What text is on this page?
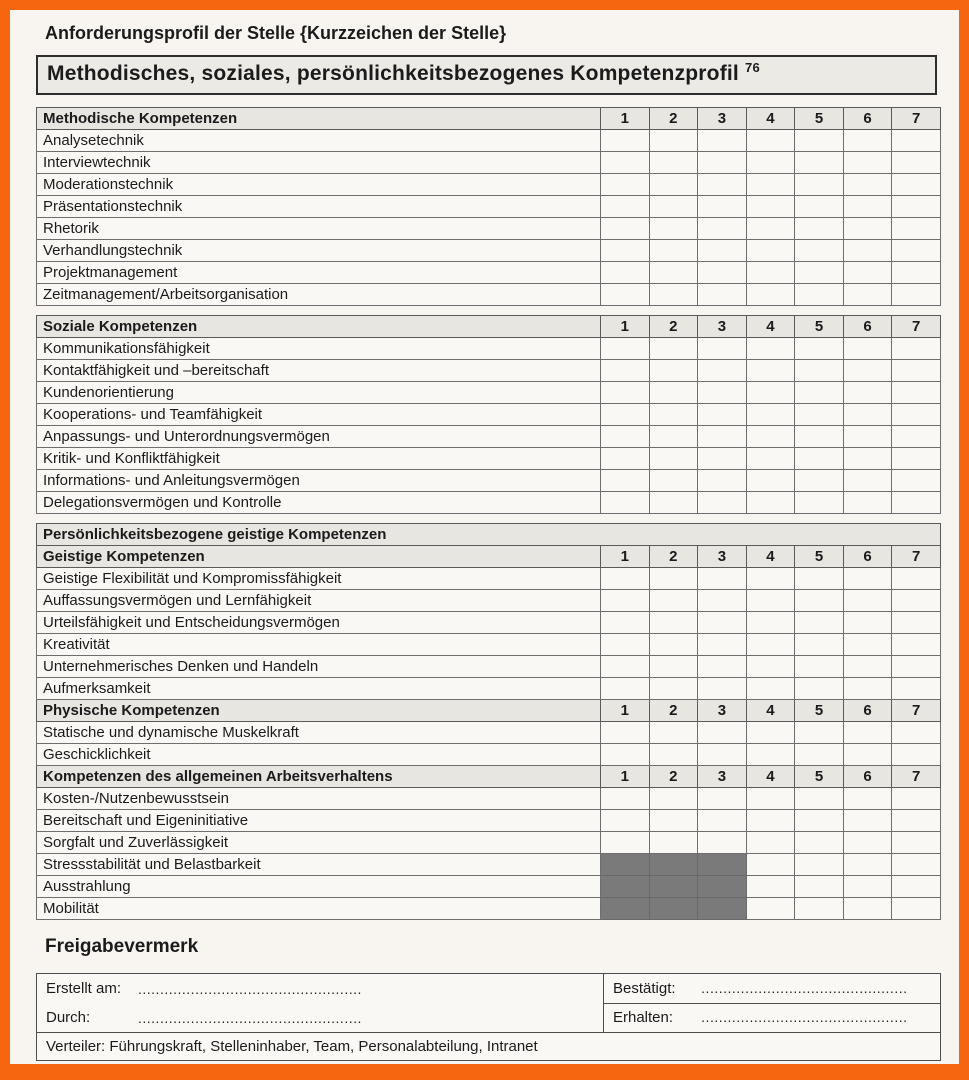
Anforderungsprofil der Stelle {Kurzzeichen der Stelle}
Methodisches, soziales, persönlichkeitsbezogenes Kompetenzprofil $^{76}$
Methodische Kompetenzen	1	2	3	4	5	6	7
Analysetechnik							
Interviewtechnik							
Moderationstechnik							
Präsentationstechnik							
Rhetorik							
Verhandlungstechnik							
Projektmanagement							
Zeitmanagement/Arbeitsorganisation							
Soziale Kompetenzen	1	2	3	4	5	6	7
Kommunikationsfähigkeit							
Kontaktfähigkeit und –bereitschaft							
Kundenorientierung							
Kooperations- und Teamfähigkeit							
Anpassungs- und Unterordnungsvermögen							
Kritik- und Konfliktfähigkeit							
Informations- und Anleitungsvermögen							
Delegationsvermögen und Kontrolle							
Persönlichkeitsbezogene geistige Kompetenzen							
Geistige Kompetenzen	1	2	3	4	5	6	7
Geistige Flexibilität und Kompromissfähigkeit							
Auffassungsvermögen und Lernfähigkeit							
Urteilsfähigkeit und Entscheidungsvermögen							
Kreativität							
Unternehmerisches Denken und Handeln							
Aufmerksamkeit							
Physische Kompetenzen	1	2	3	4	5	6	7
Statische und dynamische Muskelkraft							
Geschicklichkeit							
Kompetenzen des allgemeinen Arbeitsverhaltens	1	2	3	4	5	6	7
Kosten-/Nutzenbewusstsein							
Bereitschaft und Eigeninitiative							
Sorgfalt und Zuverlässigkeit							
Stressstabilität und Belastbarkeit							
Ausstrahlung							
Mobilität							
Freigabevermerk
Erstellt am:	...................................................
Durch:	...................................................
	Bestätigt: ...............................................
Erhalten: ...............................................
Verteiler: Führungskraft, Stelleninhaber, Team, Personalabteilung, Intranet
